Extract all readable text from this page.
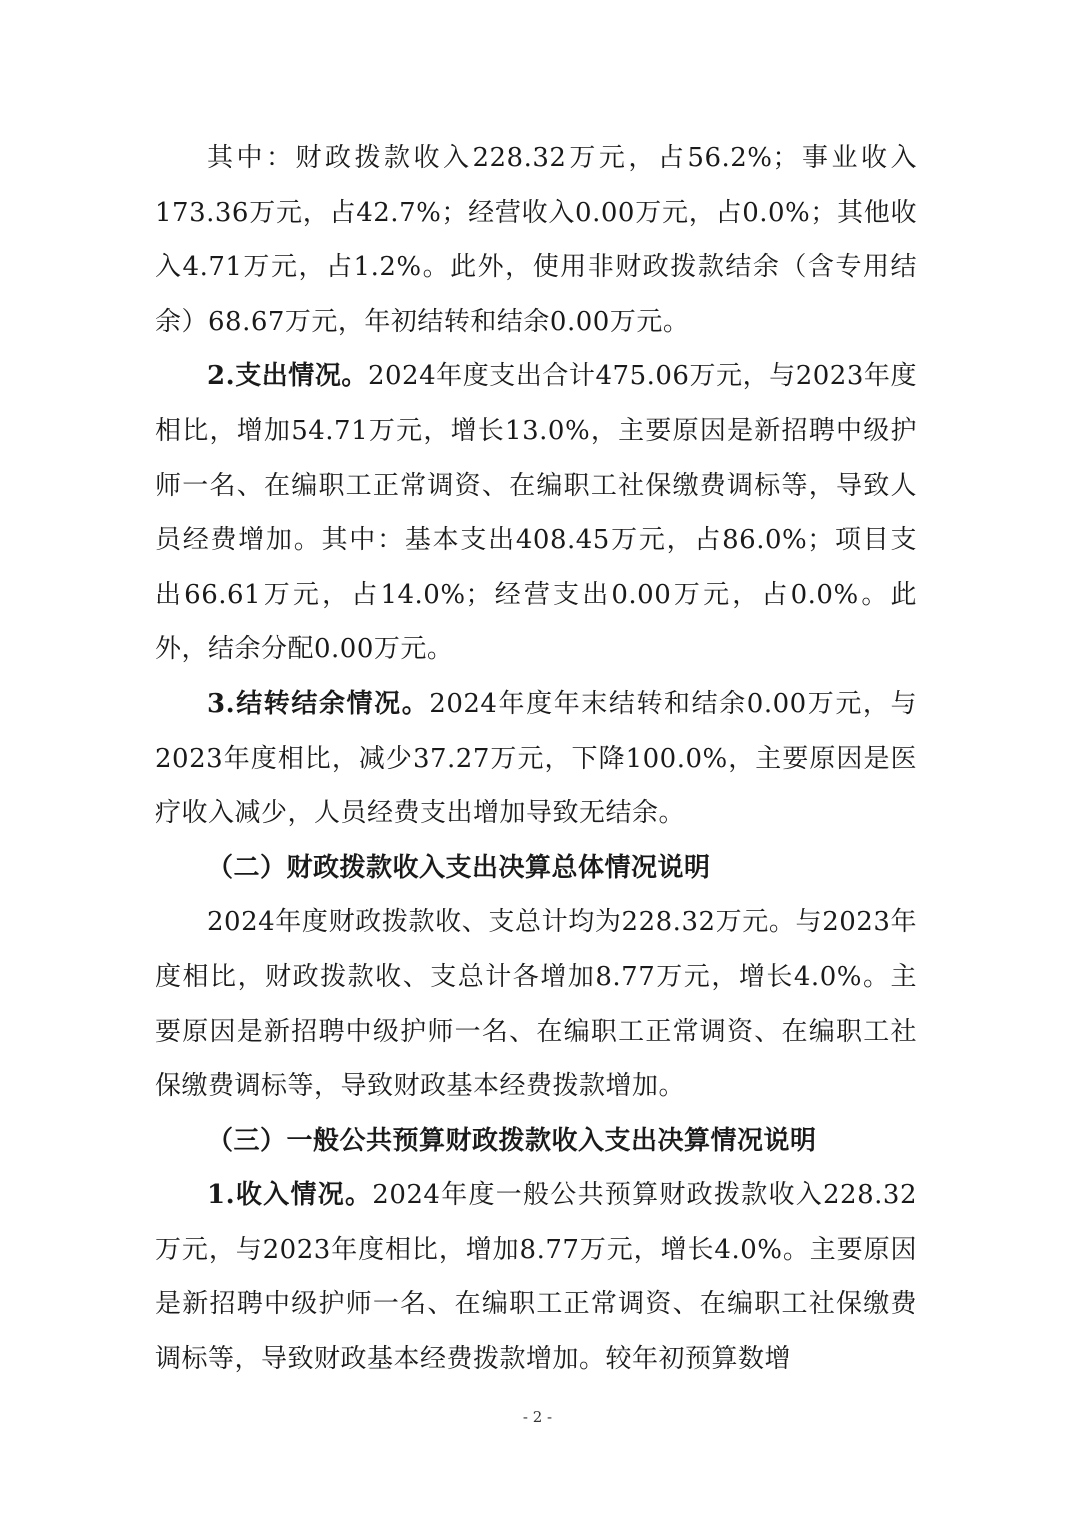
其中：财政拨款收入228.32万元，占56.2%；事业收入173.36万元，占42.7%；经营收入0.00万元，占0.0%；其他收入4.71万元，占1.2%。此外，使用非财政拨款结余（含专用结余）68.67万元，年初结转和结余0.00万元。

2.支出情况。2024年度支出合计475.06万元，与2023年度相比，增加54.71万元，增长13.0%，主要原因是新招聘中级护师一名、在编职工正常调资、在编职工社保缴费调标等，导致人员经费增加。其中：基本支出408.45万元，占86.0%；项目支出66.61万元，占14.0%；经营支出0.00万元，占0.0%。此外，结余分配0.00万元。

3.结转结余情况。2024年度年末结转和结余0.00万元，与2023年度相比，减少37.27万元，下降100.0%，主要原因是医疗收入减少，人员经费支出增加导致无结余。

（二）财政拨款收入支出决算总体情况说明

2024年度财政拨款收、支总计均为228.32万元。与2023年度相比，财政拨款收、支总计各增加8.77万元，增长4.0%。主要原因是新招聘中级护师一名、在编职工正常调资、在编职工社保缴费调标等，导致财政基本经费拨款增加。

（三）一般公共预算财政拨款收入支出决算情况说明

1.收入情况。2024年度一般公共预算财政拨款收入228.32万元，与2023年度相比，增加8.77万元，增长4.0%。主要原因是新招聘中级护师一名、在编职工正常调资、在编职工社保缴费调标等，导致财政基本经费拨款增加。较年初预算数增

- 2 -
